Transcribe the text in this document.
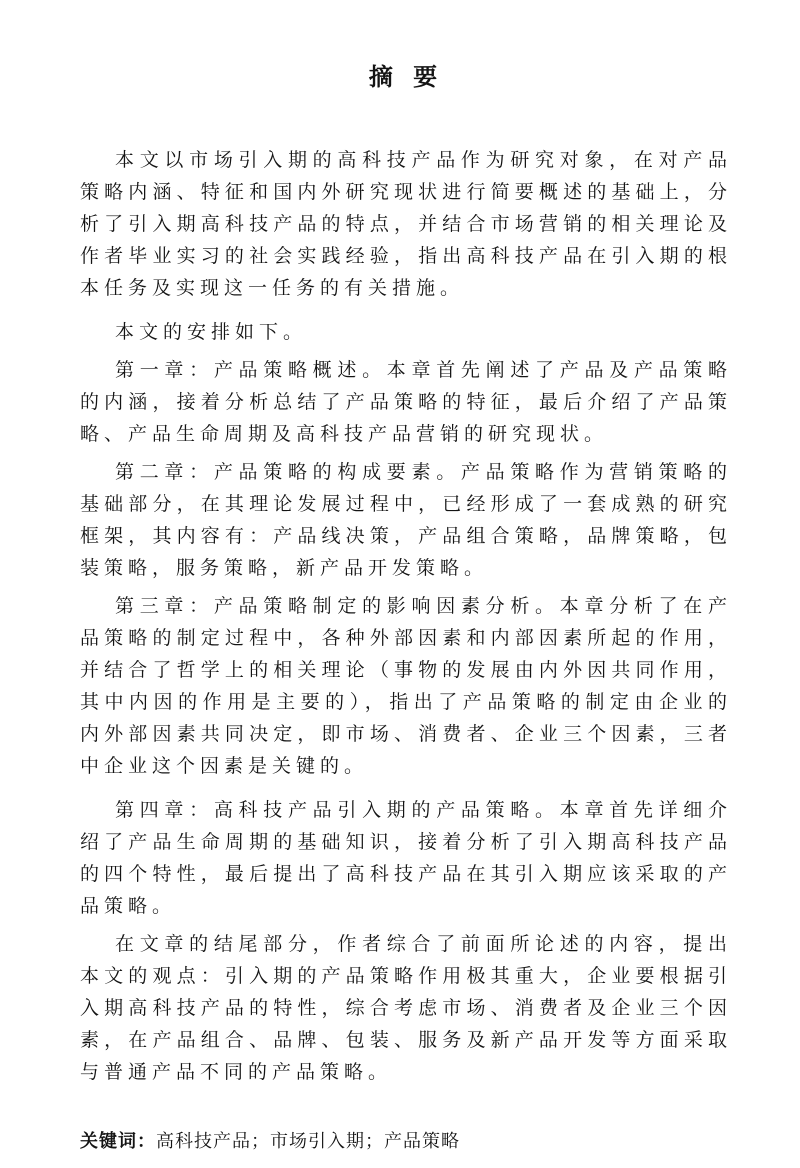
摘 要

本文以市场引入期的高科技产品作为研究对象，在对产品策略内涵、特征和国内外研究现状进行简要概述的基础上，分析了引入期高科技产品的特点，并结合市场营销的相关理论及作者毕业实习的社会实践经验，指出高科技产品在引入期的根本任务及实现这一任务的有关措施。

本文的安排如下。

第一章：产品策略概述。本章首先阐述了产品及产品策略的内涵，接着分析总结了产品策略的特征，最后介绍了产品策略、产品生命周期及高科技产品营销的研究现状。

第二章：产品策略的构成要素。产品策略作为营销策略的基础部分，在其理论发展过程中，已经形成了一套成熟的研究框架，其内容有：产品线决策，产品组合策略，品牌策略，包装策略，服务策略，新产品开发策略。

第三章：产品策略制定的影响因素分析。本章分析了在产品策略的制定过程中，各种外部因素和内部因素所起的作用，并结合了哲学上的相关理论（事物的发展由内外因共同作用，其中内因的作用是主要的），指出了产品策略的制定由企业的内外部因素共同决定，即市场、消费者、企业三个因素，三者中企业这个因素是关键的。

第四章：高科技产品引入期的产品策略。本章首先详细介绍了产品生命周期的基础知识，接着分析了引入期高科技产品的四个特性，最后提出了高科技产品在其引入期应该采取的产品策略。

在文章的结尾部分，作者综合了前面所论述的内容，提出本文的观点：引入期的产品策略作用极其重大，企业要根据引入期高科技产品的特性，综合考虑市场、消费者及企业三个因素，在产品组合、品牌、包装、服务及新产品开发等方面采取与普通产品不同的产品策略。

关键词：高科技产品；市场引入期；产品策略
